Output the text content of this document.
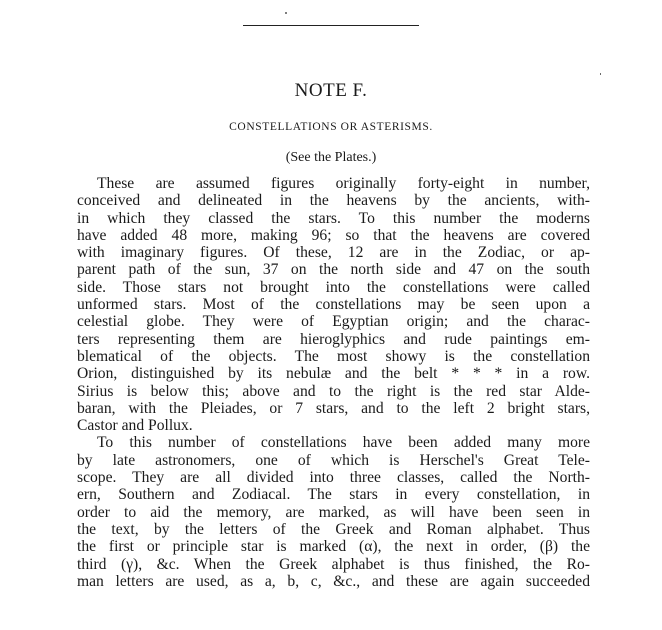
NOTE F.
CONSTELLATIONS OR ASTERISMS.
(See the Plates.)
These are assumed figures originally forty-eight in number,
conceived and delineated in the heavens by the ancients, with-
in which they classed the stars. To this number the moderns
have added 48 more, making 96; so that the heavens are covered
with imaginary figures. Of these, 12 are in the Zodiac, or ap-
parent path of the sun, 37 on the north side and 47 on the south
side. Those stars not brought into the constellations were called
unformed stars. Most of the constellations may be seen upon a
celestial globe. They were of Egyptian origin; and the charac-
ters representing them are hieroglyphics and rude paintings em-
blematical of the objects. The most showy is the constellation
Orion, distinguished by its nebulæ and the belt * * * in a row.
Sirius is below this; above and to the right is the red star Alde-
baran, with the Pleiades, or 7 stars, and to the left 2 bright stars,
Castor and Pollux.
To this number of constellations have been added many more
by late astronomers, one of which is Herschel's Great Tele-
scope. They are all divided into three classes, called the North-
ern, Southern and Zodiacal. The stars in every constellation, in
order to aid the memory, are marked, as will have been seen in
the text, by the letters of the Greek and Roman alphabet. Thus
the first or principle star is marked (α), the next in order, (β) the
third (γ), &c. When the Greek alphabet is thus finished, the Ro-
man letters are used, as a, b, c, &c., and these are again succeeded
